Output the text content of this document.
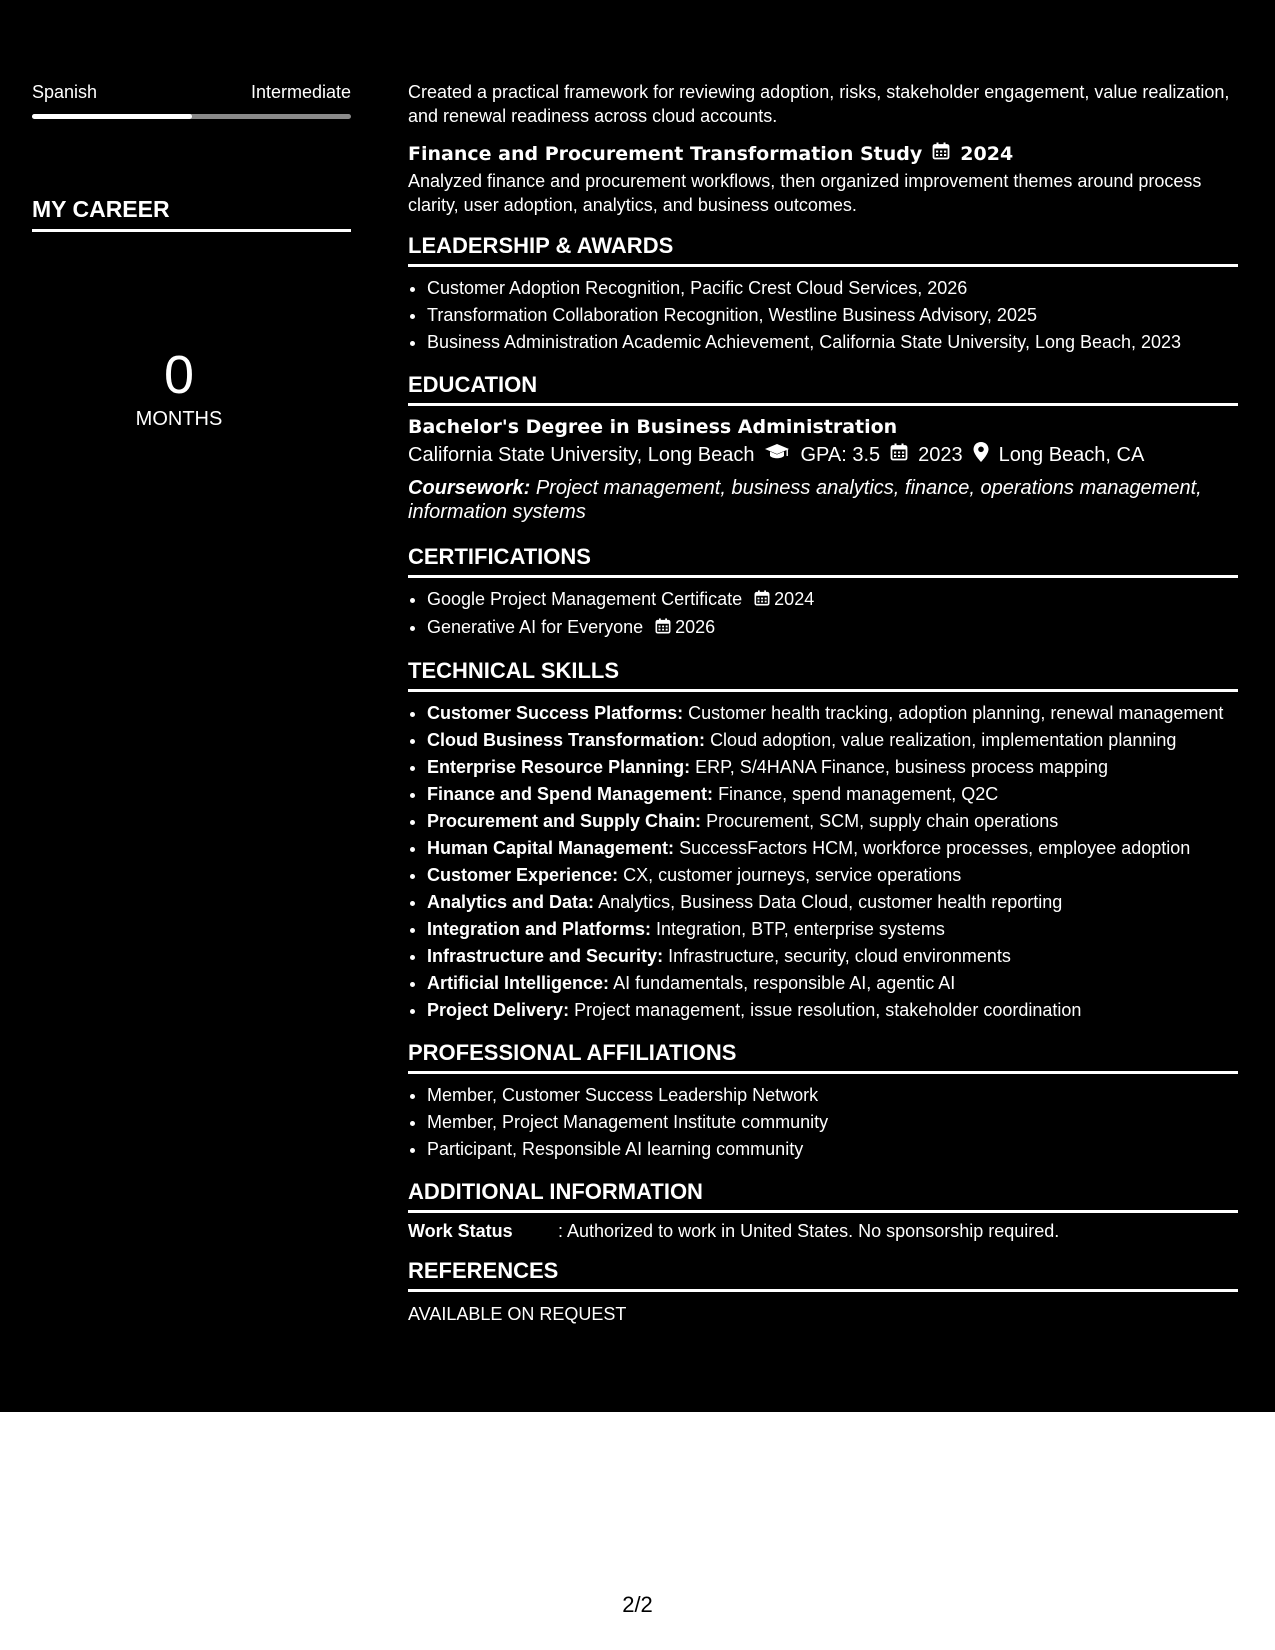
Spanish	Intermediate
MY CAREER
0
MONTHS

Created a practical framework for reviewing adoption, risks, stakeholder engagement, value realization, and renewal readiness across cloud accounts.

Finance and Procurement Transformation Study 2024

Analyzed finance and procurement workflows, then organized improvement themes around process clarity, user adoption, analytics, and business outcomes.

LEADERSHIP & AWARDS
• Customer Adoption Recognition, Pacific Crest Cloud Services, 2026
• Transformation Collaboration Recognition, Westline Business Advisory, 2025
• Business Administration Academic Achievement, California State University, Long Beach, 2023
EDUCATION
Bachelor's Degree in Business Administration
California State University, Long Beach GPA: 3.5 2023 Long Beach, CA
Coursework: Project management, business analytics, finance, operations management, information systems
CERTIFICATIONS
• Google Project Management Certificate 2024
• Generative AI for Everyone 2026
TECHNICAL SKILLS
• Customer Success Platforms: Customer health tracking, adoption planning, renewal management
• Cloud Business Transformation: Cloud adoption, value realization, implementation planning
• Enterprise Resource Planning: ERP, S/4HANA Finance, business process mapping
• Finance and Spend Management: Finance, spend management, Q2C
• Procurement and Supply Chain: Procurement, SCM, supply chain operations
• Human Capital Management: SuccessFactors HCM, workforce processes, employee adoption
• Customer Experience: CX, customer journeys, service operations
• Analytics and Data: Analytics, Business Data Cloud, customer health reporting
• Integration and Platforms: Integration, BTP, enterprise systems
• Infrastructure and Security: Infrastructure, security, cloud environments
• Artificial Intelligence: AI fundamentals, responsible AI, agentic AI
• Project Delivery: Project management, issue resolution, stakeholder coordination
PROFESSIONAL AFFILIATIONS
• Member, Customer Success Leadership Network
• Member, Project Management Institute community
• Participant, Responsible AI learning community
ADDITIONAL INFORMATION
Work Status	: Authorized to work in United States. No sponsorship required.
REFERENCES
AVAILABLE ON REQUEST
2/2
